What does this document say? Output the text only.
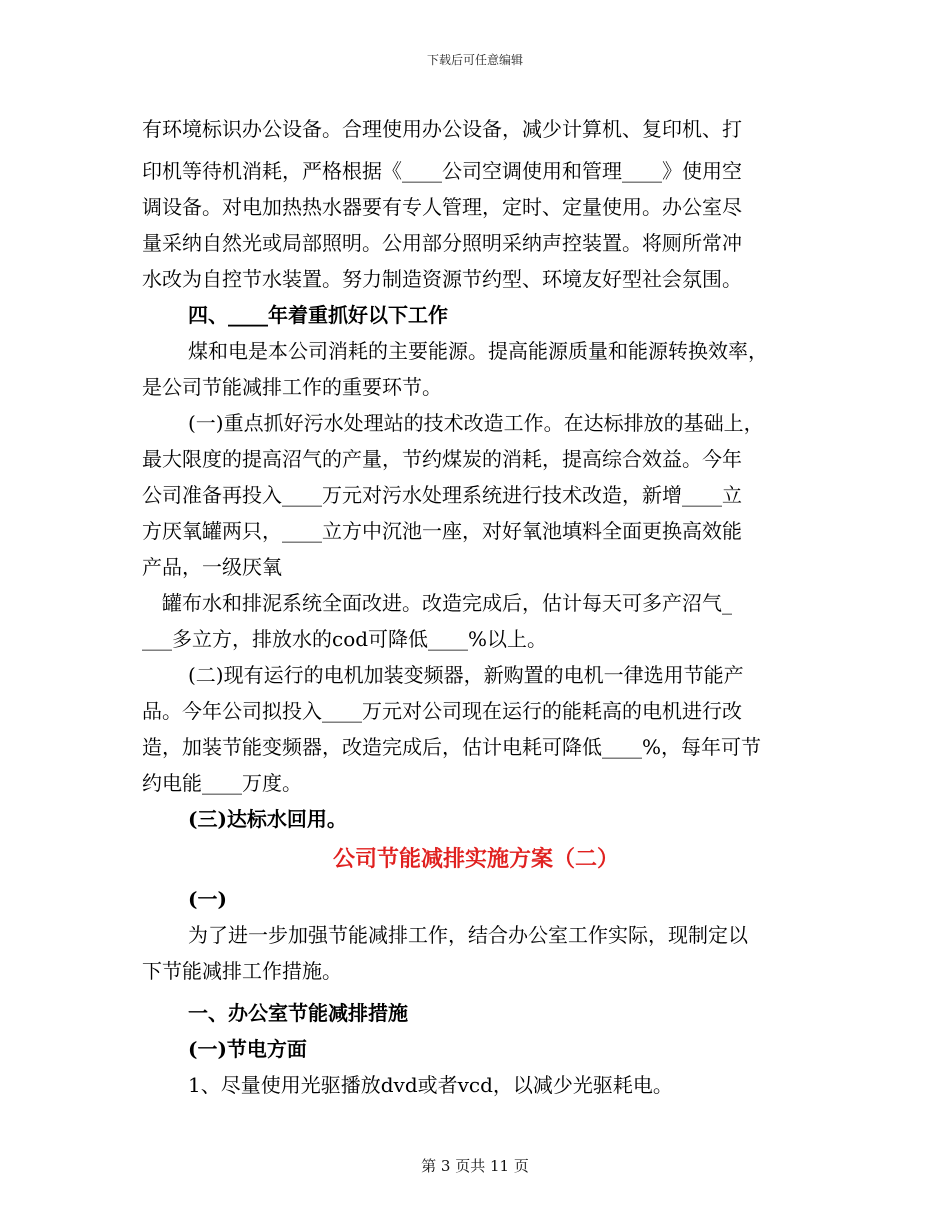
下载后可任意编辑
有环境标识办公设备。合理使用办公设备，减少计算机、复印机、打
印机等待机消耗，严格根据《____公司空调使用和管理____》使用空
调设备。对电加热热水器要有专人管理，定时、定量使用。办公室尽
量采纳自然光或局部照明。公用部分照明采纳声控装置。将厕所常冲
水改为自控节水装置。努力制造资源节约型、环境友好型社会氛围。
四、____年着重抓好以下工作
煤和电是本公司消耗的主要能源。提高能源质量和能源转换效率，
是公司节能减排工作的重要环节。
(一)重点抓好污水处理站的技术改造工作。在达标排放的基础上，
最大限度的提高沼气的产量，节约煤炭的消耗，提高综合效益。今年
公司准备再投入____万元对污水处理系统进行技术改造，新增____立
方厌氧罐两只，____立方中沉池一座，对好氧池填料全面更换高效能
产品，一级厌氧
罐布水和排泥系统全面改进。改造完成后，估计每天可多产沼气_
___多立方，排放水的cod可降低____%以上。
(二)现有运行的电机加装变频器，新购置的电机一律选用节能产
品。今年公司拟投入____万元对公司现在运行的能耗高的电机进行改
造，加装节能变频器，改造完成后，估计电耗可降低____%，每年可节
约电能____万度。
(三)达标水回用。
公司节能减排实施方案（二）
(一)
为了进一步加强节能减排工作，结合办公室工作实际，现制定以
下节能减排工作措施。
一、办公室节能减排措施
(一)节电方面
1、尽量使用光驱播放dvd或者vcd，以减少光驱耗电。
第 3 页共 11 页
